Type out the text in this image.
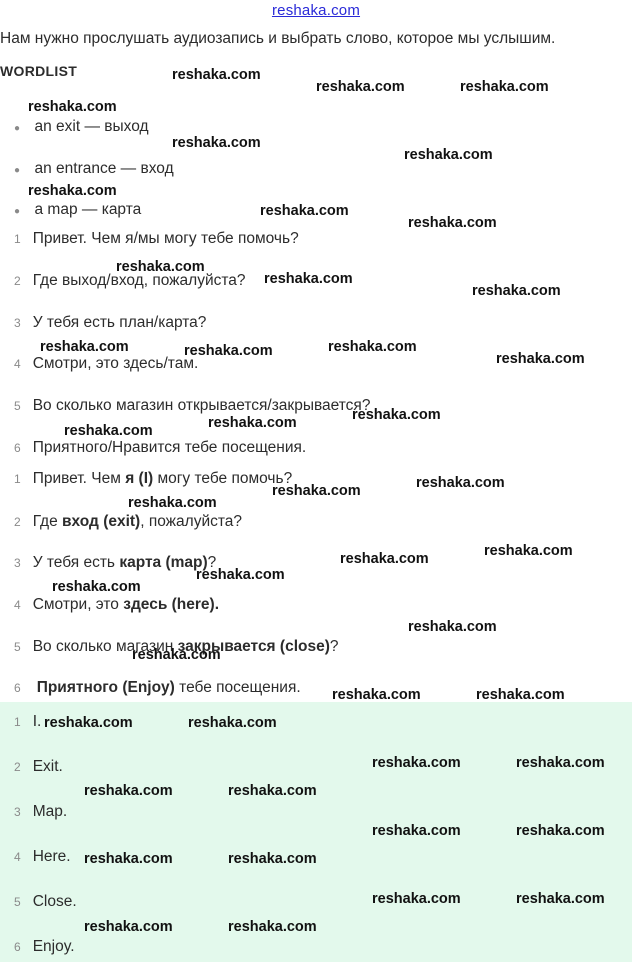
reshaka.com
Нам нужно прослушать аудиозапись и выбрать слово, которое мы услышим.
WORDLIST
● an exit — выход
● an entrance — вход
● a map — карта
1 Привет. Чем я/мы могу тебе помочь?
2 Где выход/вход, пожалуйста?
3 У тебя есть план/карта?
4 Смотри, это здесь/там.
5 Во сколько магазин открывается/закрывается?
6 Приятного/Нравится тебе посещения.
1 Привет. Чем я (I) могу тебе помочь?
2 Где вход (exit), пожалуйста?
3 У тебя есть карта (map)?
4 Смотри, это здесь (here).
5 Во сколько магазин закрывается (close)?
6 Приятного (Enjoy) тебе посещения.
1 I.
2 Exit.
3 Map.
4 Here.
5 Close.
6 Enjoy.
reshaka.com
reshaka.com	reshaka.com
reshaka.com
reshaka.com
reshaka.com
reshaka.com
reshaka.com
reshaka.com
reshaka.com
reshaka.com
reshaka.com
reshaka.com	reshaka.com	reshaka.com
reshaka.com
reshaka.com
reshaka.com
reshaka.com
reshaka.com
reshaka.com
reshaka.com
reshaka.com
reshaka.com
reshaka.com
reshaka.com
reshaka.com
reshaka.com
reshaka.com	reshaka.com
reshaka.com	reshaka.com
reshaka.com	reshaka.com
reshaka.com	reshaka.com
reshaka.com	reshaka.com
reshaka.com	reshaka.com
reshaka.com	reshaka.com
reshaka.com	reshaka.com
